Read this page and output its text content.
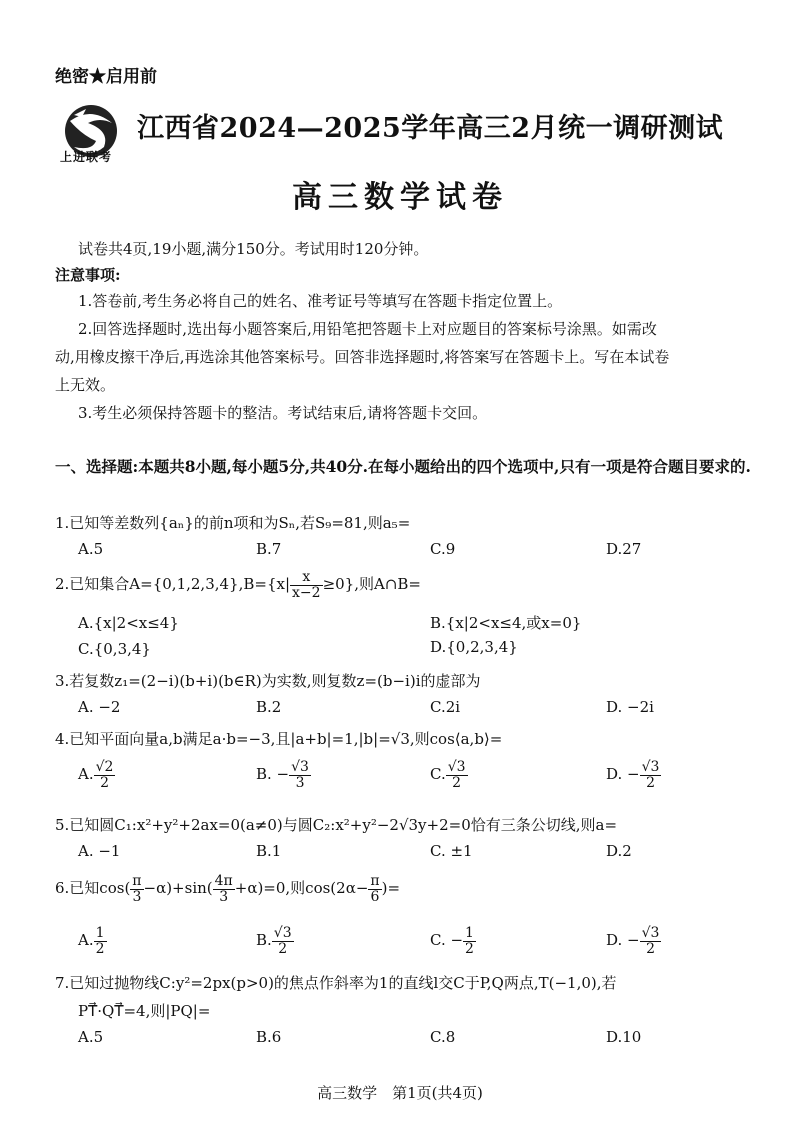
绝密★启用前
上进联考
江西省2024—2025学年高三2月统一调研测试
高三数学试卷
试卷共4页,19小题,满分150分。考试用时120分钟。
注意事项:
1.答卷前,考生务必将自己的姓名、准考证号等填写在答题卡指定位置上。
2.回答选择题时,选出每小题答案后,用铅笔把答题卡上对应题目的答案标号涂黑。如需改
动,用橡皮擦干净后,再选涂其他答案标号。回答非选择题时,将答案写在答题卡上。写在本试卷
上无效。
3.考生必须保持答题卡的整洁。考试结束后,请将答题卡交回。
一、选择题:本题共8小题,每小题5分,共40分.在每小题给出的四个选项中,只有一项是符合题目要求的.
1.已知等差数列{aₙ}的前n项和为Sₙ,若S₉=81,则a₅=
A.5	B.7	C.9	D.27
2.已知集合$A=\{0,1,2,3,4\},B=\{x| \frac{x}{x-2} \ge 0\}$,则A∩B=
A.{x|2<x≤4}	B.{x|2<x≤4,或x=0}
C.{0,3,4}	D.{0,2,3,4}
3.若复数z₁=(2−i)(b+i)(b∈R)为实数,则复数z=(b−i)i的虚部为
A. −2	B.2	C.2i	D. −2i
4.已知平面向量a,b满足a·b=−3,且|a+b|=1,|b|=√3,则cos⟨a,b⟩=
A. $\frac{√2}{2}$	B. − $\frac{√3}{3}$	C. $\frac{√3}{2}$	D. − $\frac{√3}{2}$
5.已知圆C₁:x²+y²+2ax=0(a≠0)与圆C₂:x²+y²−2√3y+2=0恰有三条公切线,则a=
A. −1	B.1	C. ±1	D.2
6.已知$\cos( \frac{\pi}{3} -\alpha)+\sin( \frac{4\pi}{3} +\alpha)=0$,则$\cos(2\alpha- \frac{\pi}{6}$ )=
A. $\frac{1}{2}$	B. $\frac{√3}{2}$	C. − $\frac{1}{2}$	D. − $\frac{√3}{2}$
7.已知过抛物线C:y²=2px(p>0)的焦点作斜率为1的直线l交C于P,Q两点,T(−1,0),若
PT⃗·QT⃗=4,则|PQ|=
A.5	B.6	C.8	D.10
高三数学　第1页(共4页)
